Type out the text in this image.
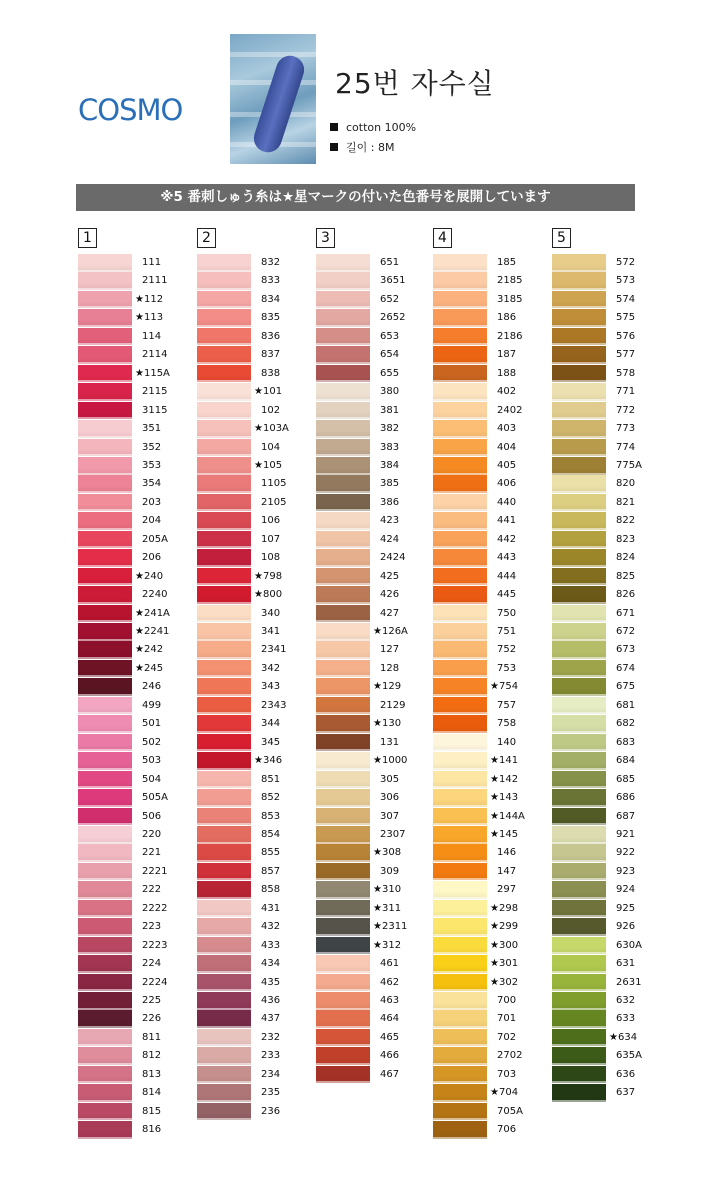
COSMO
25번 자수실
cotton 100%
길이 : 8M
※5 番刺しゅう糸は★星マークの付いた色番号を展開しています
1
111
2111
★112
★113
114
2114
★115A
2115
3115
351
352
353
354
203
204
205A
206
★240
2240
★241A
★2241
★242
★245
246
499
501
502
503
504
505A
506
220
221
2221
222
2222
223
2223
224
2224
225
226
811
812
813
814
815
816
2
832
833
834
835
836
837
838
★101
102
★103A
104
★105
1105
2105
106
107
108
★798
★800
340
341
2341
342
343
2343
344
345
★346
851
852
853
854
855
857
858
431
432
433
434
435
436
437
232
233
234
235
236
3
651
3651
652
2652
653
654
655
380
381
382
383
384
385
386
423
424
2424
425
426
427
★126A
127
128
★129
2129
★130
131
★1000
305
306
307
2307
★308
309
★310
★311
★2311
★312
461
462
463
464
465
466
467
4
185
2185
3185
186
2186
187
188
402
2402
403
404
405
406
440
441
442
443
444
445
750
751
752
753
★754
757
758
140
★141
★142
★143
★144A
★145
146
147
297
★298
★299
★300
★301
★302
700
701
702
2702
703
★704
705A
706
5
572
573
574
575
576
577
578
771
772
773
774
775A
820
821
822
823
824
825
826
671
672
673
674
675
681
682
683
684
685
686
687
921
922
923
924
925
926
630A
631
2631
632
633
★634
635A
636
637
